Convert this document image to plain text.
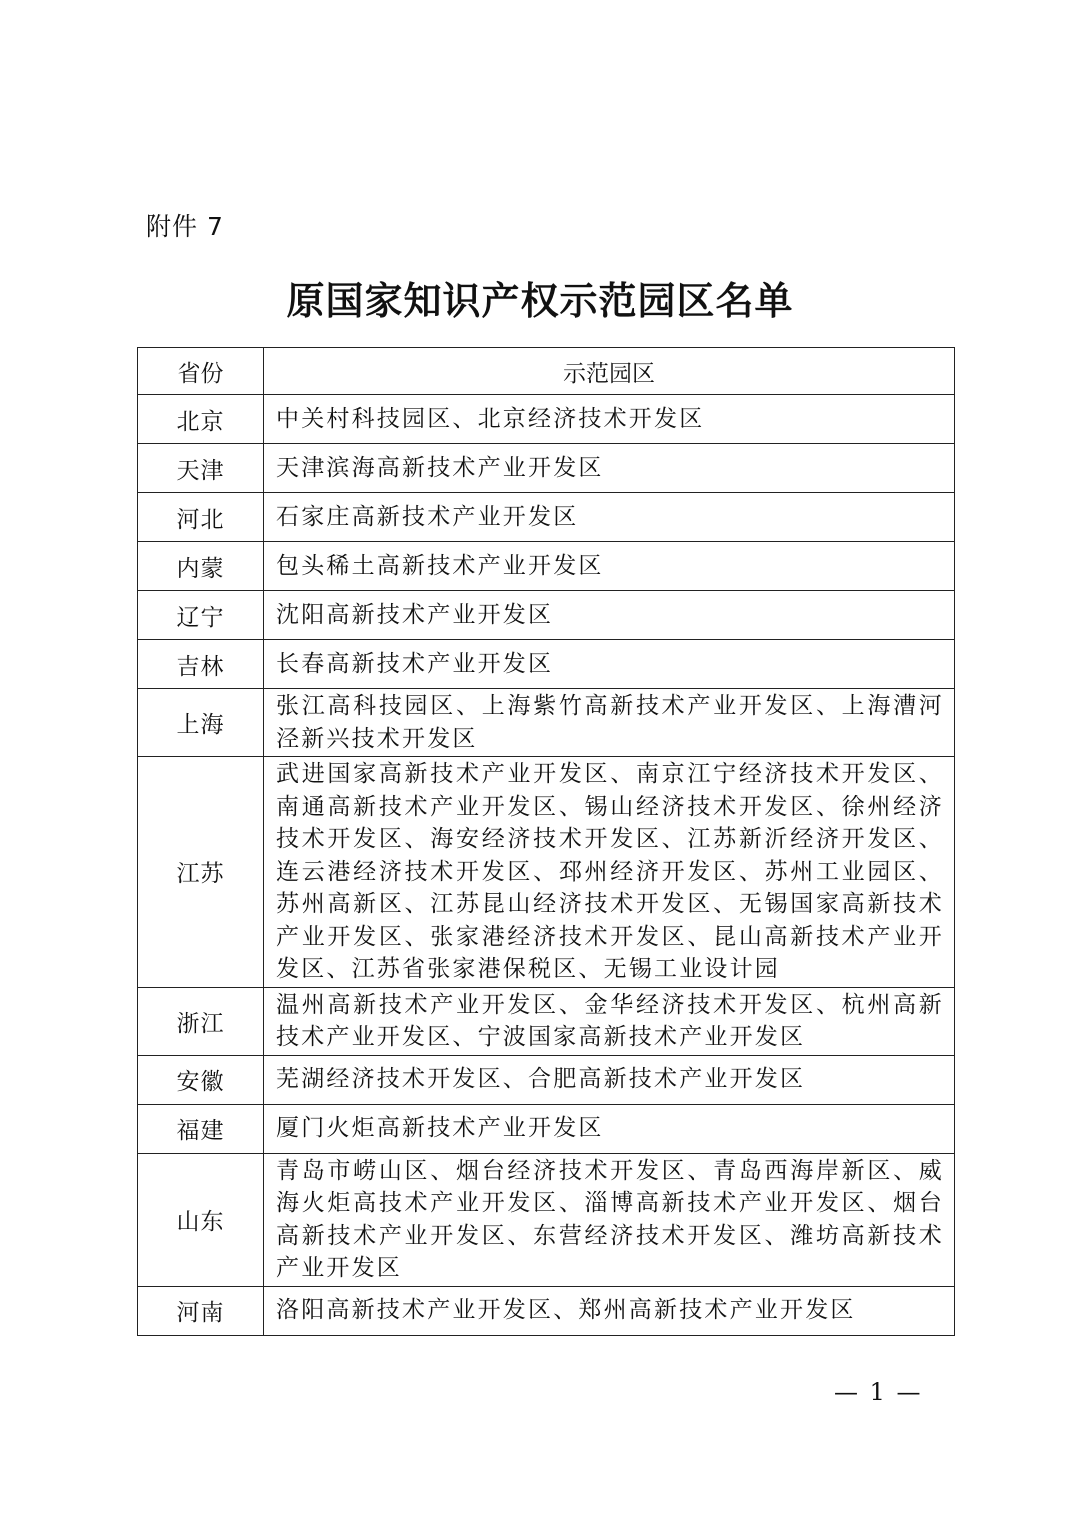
附件 7
原国家知识产权示范园区名单
省份	示范园区
北京	中关村科技园区、北京经济技术开发区
天津	天津滨海高新技术产业开发区
河北	石家庄高新技术产业开发区
内蒙	包头稀土高新技术产业开发区
辽宁	沈阳高新技术产业开发区
吉林	长春高新技术产业开发区
上海	张江高科技园区、上海紫竹高新技术产业开发区、上海漕河泾新兴技术开发区
江苏	武进国家高新技术产业开发区、南京江宁经济技术开发区、南通高新技术产业开发区、锡山经济技术开发区、徐州经济技术开发区、海安经济技术开发区、江苏新沂经济开发区、连云港经济技术开发区、邳州经济开发区、苏州工业园区、苏州高新区、江苏昆山经济技术开发区、无锡国家高新技术产业开发区、张家港经济技术开发区、昆山高新技术产业开发区、江苏省张家港保税区、无锡工业设计园
浙江	温州高新技术产业开发区、金华经济技术开发区、杭州高新技术产业开发区、宁波国家高新技术产业开发区
安徽	芜湖经济技术开发区、合肥高新技术产业开发区
福建	厦门火炬高新技术产业开发区
山东	青岛市崂山区、烟台经济技术开发区、青岛西海岸新区、威海火炬高技术产业开发区、淄博高新技术产业开发区、烟台高新技术产业开发区、东营经济技术开发区、潍坊高新技术产业开发区
河南	洛阳高新技术产业开发区、郑州高新技术产业开发区
— 1 —
